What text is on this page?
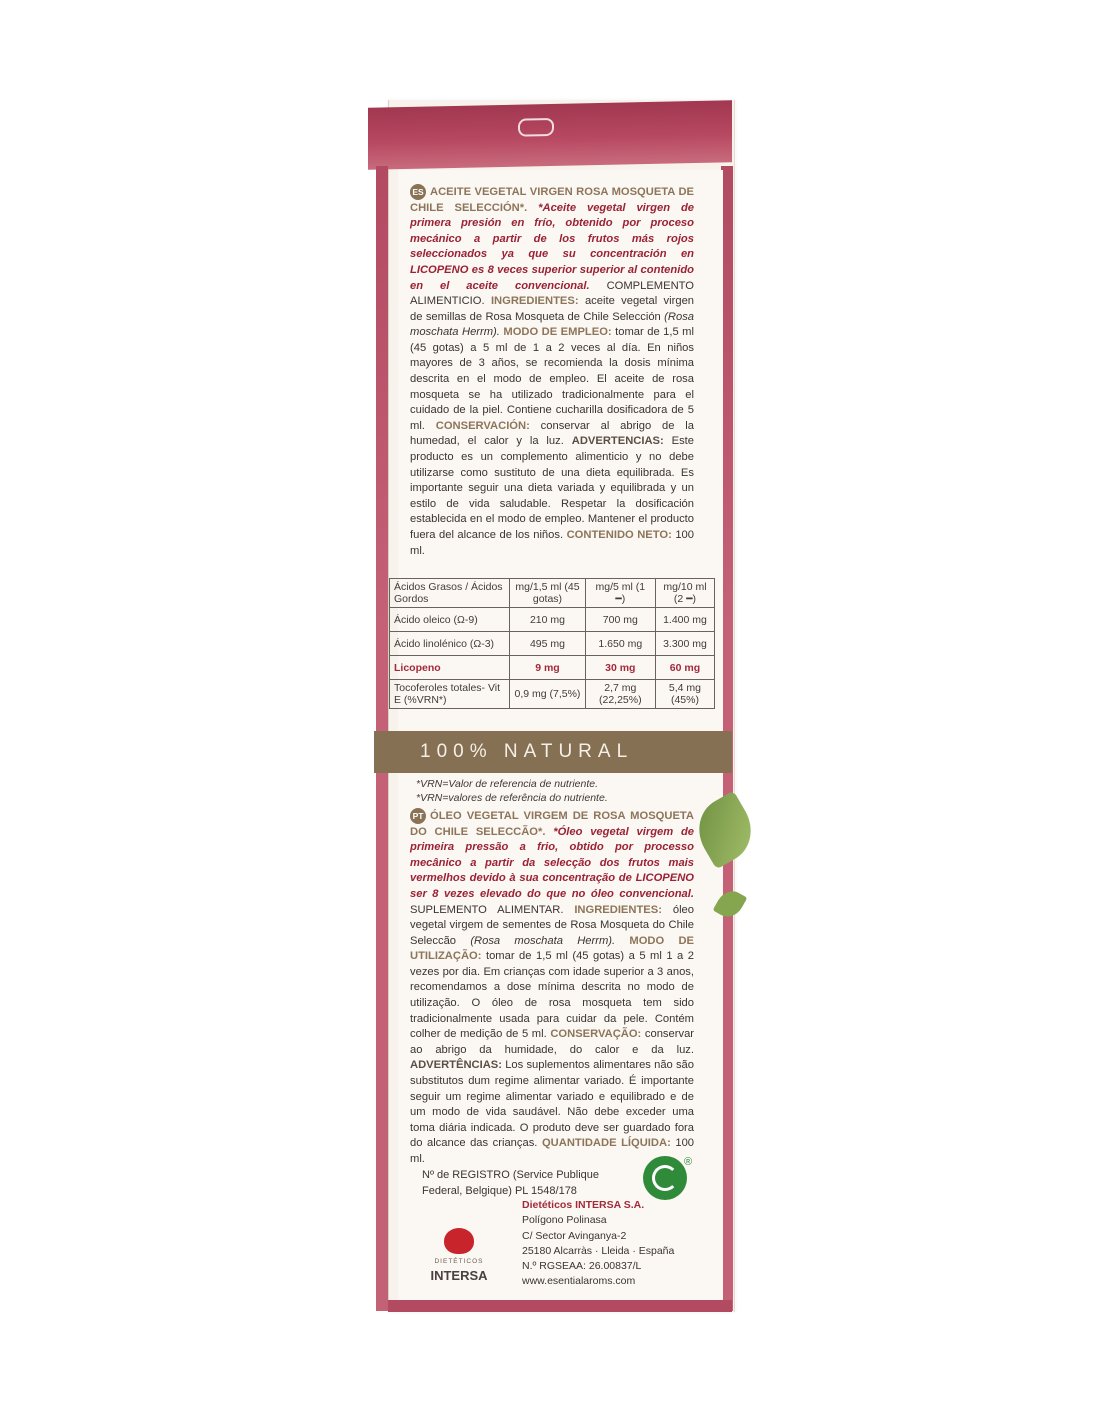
ES ACEITE VEGETAL VIRGEN ROSA MOSQUETA DE CHILE SELECCIÓN*. *Aceite vegetal virgen de primera presión en frío, obtenido por proceso mecánico a partir de los frutos más rojos seleccionados ya que su concentración en LICOPENO es 8 veces superior superior al contenido en el aceite convencional. COMPLEMENTO ALIMENTICIO. INGREDIENTES: aceite vegetal virgen de semillas de Rosa Mosqueta de Chile Selección (Rosa moschata Herrm). MODO DE EMPLEO: tomar de 1,5 ml (45 gotas) a 5 ml de 1 a 2 veces al día. En niños mayores de 3 años, se recomienda la dosis mínima descrita en el modo de empleo. El aceite de rosa mosqueta se ha utilizado tradicionalmente para el cuidado de la piel. Contiene cucharilla dosificadora de 5 ml. CONSERVACIÓN: conservar al abrigo de la humedad, el calor y la luz. ADVERTENCIAS: Este producto es un complemento alimenticio y no debe utilizarse como sustituto de una dieta equilibrada. Es importante seguir una dieta variada y equilibrada y un estilo de vida saludable. Respetar la dosificación establecida en el modo de empleo. Mantener el producto fuera del alcance de los niños. CONTENIDO NETO: 100 ml.
Ácidos Grasos / Ácidos Gordos	mg/1,5 ml (45 gotas)	mg/5 ml (1 ━)	mg/10 ml (2 ━)
Ácido oleico (Ω-9)	210 mg	700 mg	1.400 mg
Ácido linolénico (Ω-3)	495 mg	1.650 mg	3.300 mg
Licopeno	9 mg	30 mg	60 mg
Tocoferoles totales- Vit E (%VRN*)	0,9 mg (7,5%)	2,7 mg (22,25%)	5,4 mg (45%)
100% NATURAL
*VRN=Valor de referencia de nutriente.
*VRN=valores de referência do nutriente.
PT ÓLEO VEGETAL VIRGEM DE ROSA MOSQUETA DO CHILE SELECCÃO*. *Óleo vegetal virgem de primeira pressão a frio, obtido por processo mecânico a partir da selecção dos frutos mais vermelhos devido à sua concentração de LICOPENO ser 8 vezes elevado do que no óleo convencional. SUPLEMENTO ALIMENTAR. INGREDIENTES: óleo vegetal virgem de sementes de Rosa Mosqueta do Chile Seleccão (Rosa moschata Herrm). MODO DE UTILIZAÇÃO: tomar de 1,5 ml (45 gotas) a 5 ml 1 a 2 vezes por dia. Em crianças com idade superior a 3 anos, recomendamos a dose mínima descrita no modo de utilização. O óleo de rosa mosqueta tem sido tradicionalmente usada para cuidar da pele. Contém colher de medição de 5 ml. CONSERVAÇÃO: conservar ao abrigo da humidade, do calor e da luz. ADVERTÊNCIAS: Los suplementos alimentares não são substitutos dum regime alimentar variado. É importante seguir um regime alimentar variado e equilibrado e de um modo de vida saudável. Não debe exceder uma toma diária indicada. O produto deve ser guardado fora do alcance das crianças. QUANTIDADE LÍQUIDA: 100 ml.
Nº de REGISTRO (Service Publique
Federal, Belgique) PL 1548/178
®
DIETÉTICOS
INTERSA
Dietéticos INTERSA S.A.
Polígono Polinasa
C/ Sector Avinganya-2
25180 Alcarràs · Lleida · España
N.º RGSEAA: 26.00837/L
www.esentialaroms.com
